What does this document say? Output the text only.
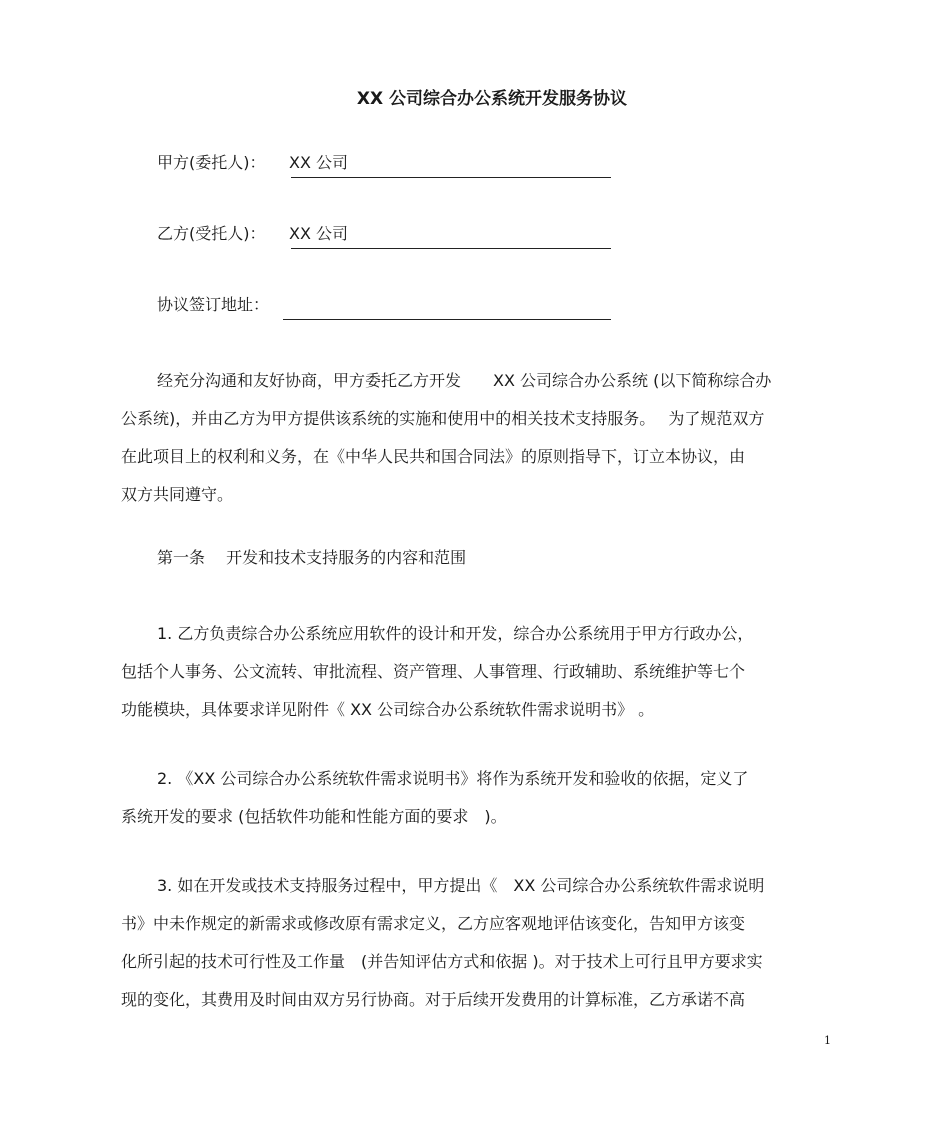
XX 公司综合办公系统开发服务协议
甲方(委托人)： XX 公司
乙方(受托人)： XX 公司
协议签订地址：
经充分沟通和友好协商，甲方委托乙方开发　　XX 公司综合办公系统 (以下简称综合办
公系统)，并由乙方为甲方提供该系统的实施和使用中的相关技术支持服务。　 为了规范双方
在此项目上的权利和义务，在《中华人民共和国合同法》的原则指导下，订立本协议，由
双方共同遵守。
第一条　 开发和技术支持服务的内容和范围
1. 乙方负责综合办公系统应用软件的设计和开发，综合办公系统用于甲方行政办公，
包括个人事务、公文流转、审批流程、资产管理、人事管理、行政辅助、系统维护等七个
功能模块，具体要求详见附件《 XX 公司综合办公系统软件需求说明书》 。
2. 《XX 公司综合办公系统软件需求说明书》将作为系统开发和验收的依据，定义了
系统开发的要求 (包括软件功能和性能方面的要求　)。
3. 如在开发或技术支持服务过程中，甲方提出《　XX 公司综合办公系统软件需求说明
书》中未作规定的新需求或修改原有需求定义，乙方应客观地评估该变化，告知甲方该变
化所引起的技术可行性及工作量　(并告知评估方式和依据 )。对于技术上可行且甲方要求实
现的变化，其费用及时间由双方另行协商。对于后续开发费用的计算标准，乙方承诺不高
1
